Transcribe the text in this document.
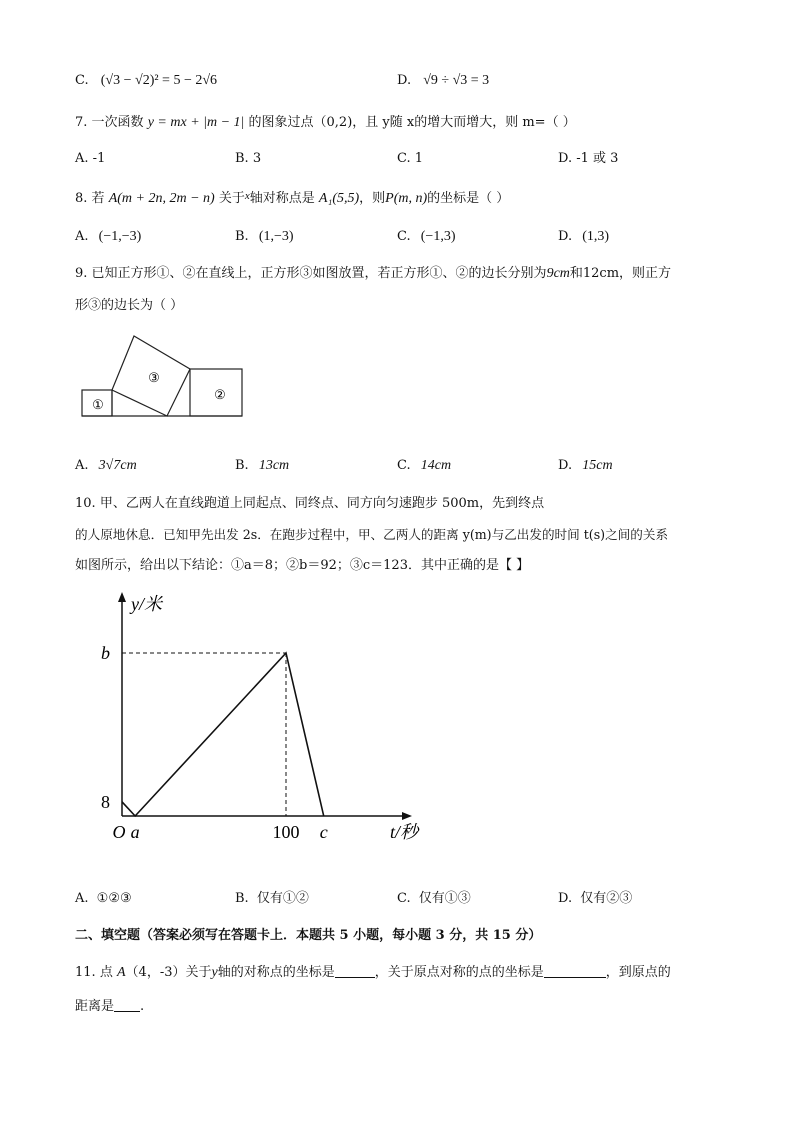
C. (√3 − √2)² = 5 − 2√6	D. √9 ÷ √3 = 3
7. 一次函数 y = mx + |m − 1| 的图象过点（0,2)，且 y随 x的增大而增大，则 m=（ ）
A. -1	B. 3	C. 1	D. -1 或 3
8. 若 A(m + 2n, 2m − n) 关于$^x$轴对称点是 A₁(5,5)，则P(m, n)的坐标是（ ）
A. (−1,−3)	B. (1,−3)	C. (−1,3)	D. (1,3)
9. 已知正方形①、②在直线上，正方形③如图放置，若正方形①、②的边长分别为9cm和12cm，则正方
形③的边长为（ ）
①
③
②
A. 3√7cm	B. 13cm	C. 14cm	D. 15cm
10. 甲、乙两人在直线跑道上同起点、同终点、同方向匀速跑步 500m，先到终点
的人原地休息．已知甲先出发 2s．在跑步过程中，甲、乙两人的距离 y(m)与乙出发的时间 t(s)之间的关系
如图所示，给出以下结论：①a＝8；②b＝92；③c＝123．其中正确的是【 】
O a	100 c
8
b
y/米
t/秒
A. ①②③	B. 仅有①②	C. 仅有①③	D. 仅有②③
二、填空题（答案必须写在答题卡上．本题共 5 小题，每小题 3 分，共 15 分）
11. 点 A（4，-3）关于y轴的对称点的坐标是	，关于原点对称的点的坐标是	，到原点的
距离是 .
